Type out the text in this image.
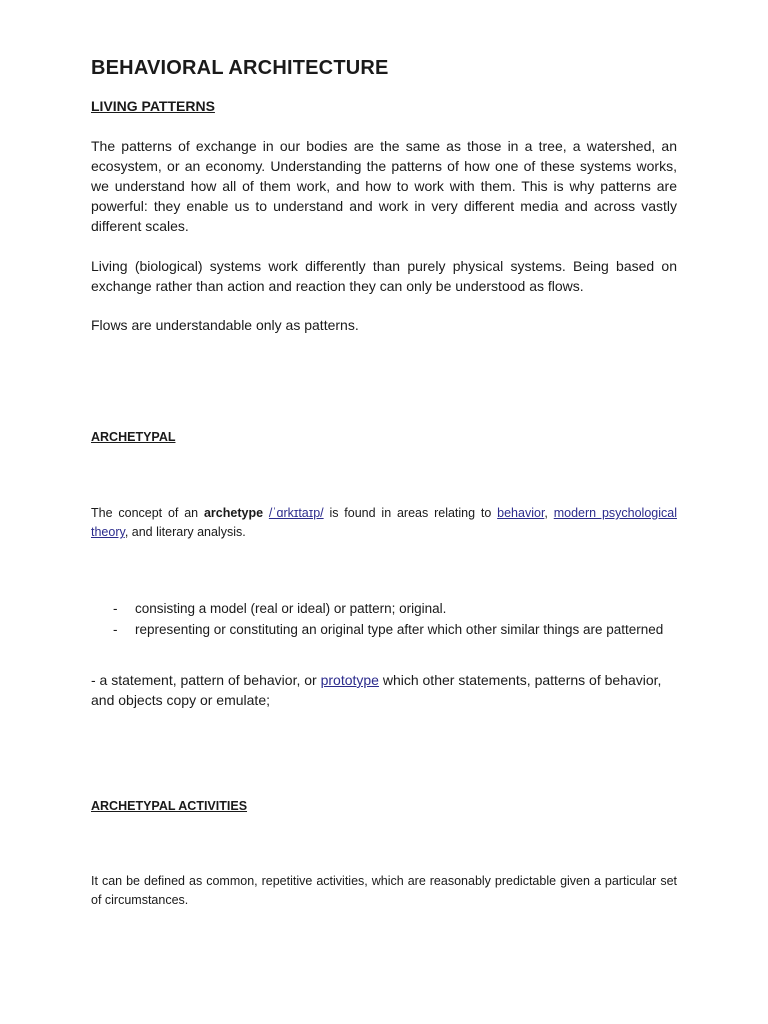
BEHAVIORAL ARCHITECTURE
LIVING PATTERNS

The patterns of exchange in our bodies are the same as those in a tree, a watershed, an ecosystem, or an economy. Understanding the patterns of how one of these systems works, we understand how all of them work, and how to work with them. This is why patterns are powerful: they enable us to understand and work in very different media and across vastly different scales.

Living (biological) systems work differently than purely physical systems. Being based on exchange rather than action and reaction they can only be understood as flows.

Flows are understandable only as patterns.

ARCHETYPAL

The concept of an archetype /ˈɑrkɪtaɪp/ is found in areas relating to behavior, modern psychological theory, and literary analysis.

- consisting a model (real or ideal) or pattern; original.
- representing or constituting an original type after which other similar things are patterned

- a statement, pattern of behavior, or prototype which other statements, patterns of behavior, and objects copy or emulate;

ARCHETYPAL ACTIVITIES

It can be defined as common, repetitive activities, which are reasonably predictable given a particular set of circumstances.
